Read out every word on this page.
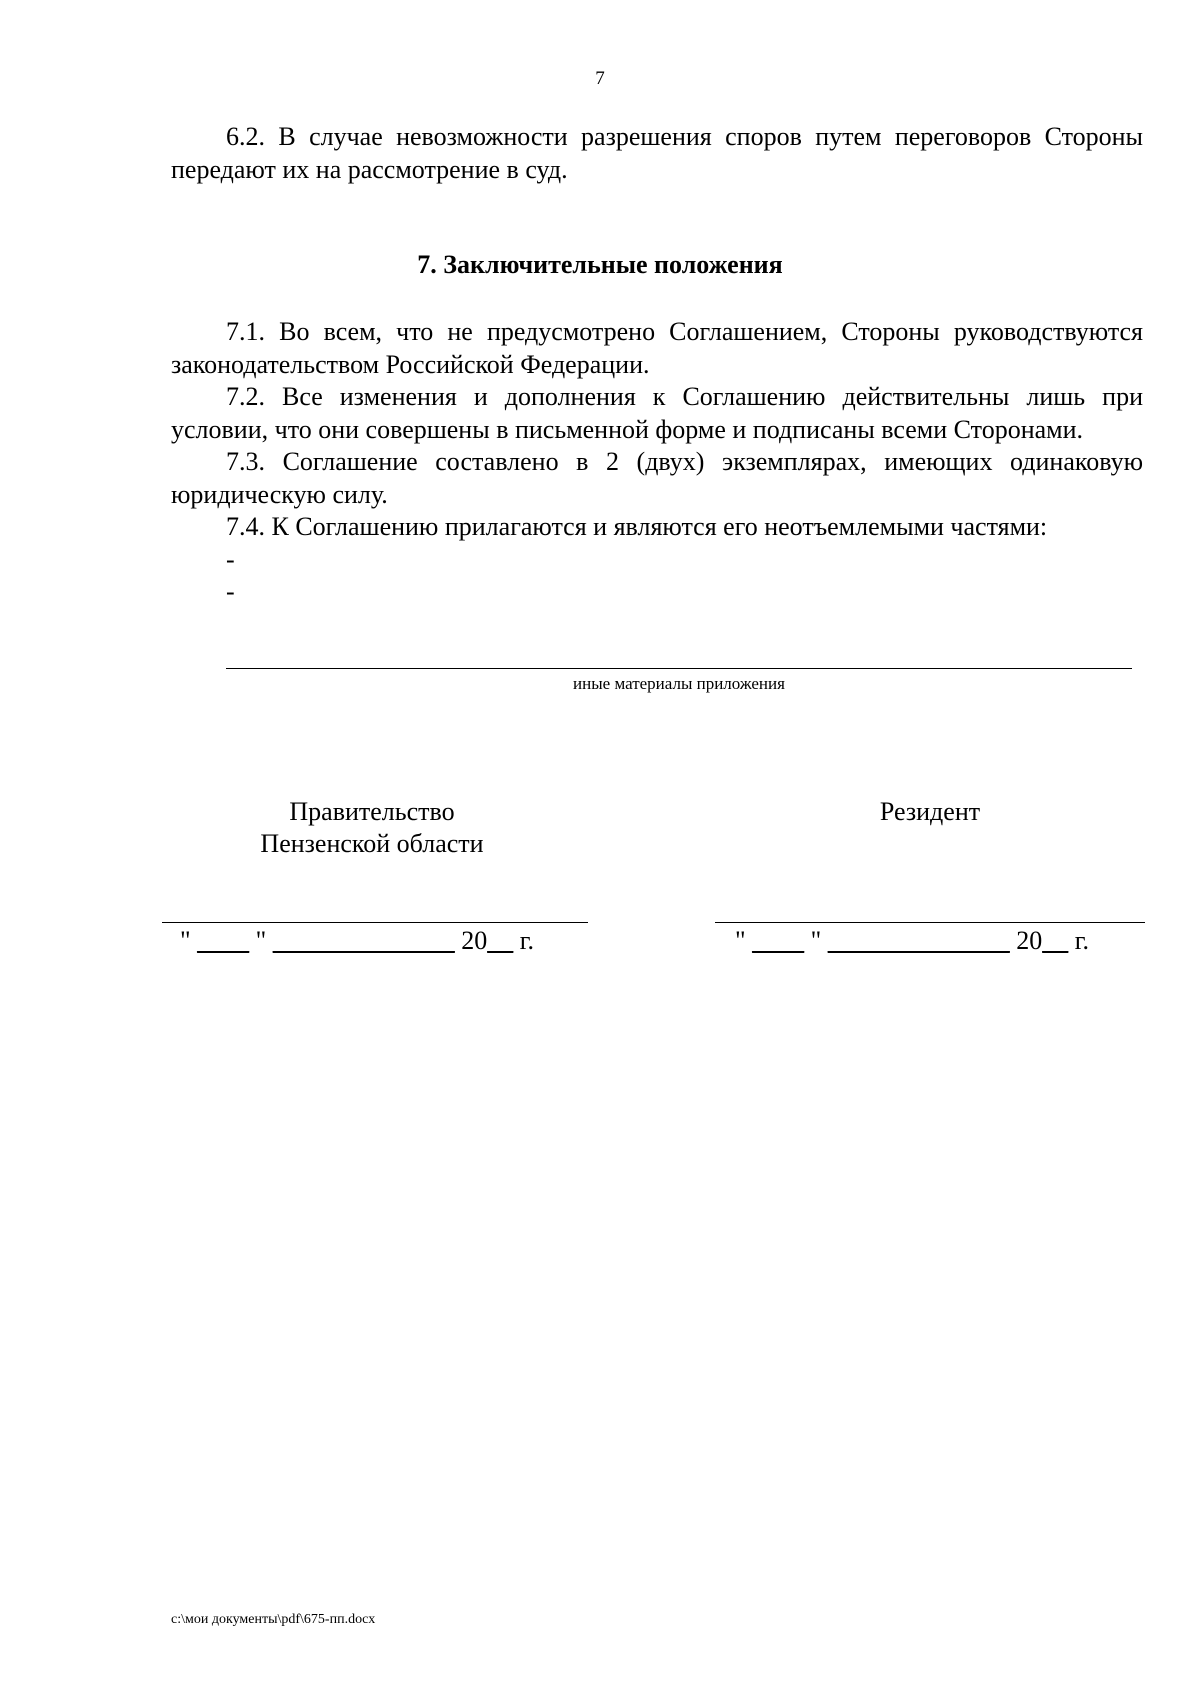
7

6.2. В случае невозможности разрешения споров путем переговоров Стороны передают их на рассмотрение в суд.

7. Заключительные положения

7.1. Во всем, что не предусмотрено Соглашением, Стороны руководствуются законодательством Российской Федерации.

7.2. Все изменения и дополнения к Соглашению действительны лишь при условии, что они совершены в письменной форме и подписаны всеми Сторонами.

7.3. Соглашение составлено в 2 (двух) экземплярах, имеющих одинаковую юридическую силу.

7.4. К Соглашению прилагаются и являются его неотъемлемыми частями:

-

-

иные материалы приложения
Правительство
Пензенской области
Резидент
" ____ " ______________ 20__ г.	" ____ " ______________ 20__ г.
c:\мои документы\pdf\675-пп.docx
